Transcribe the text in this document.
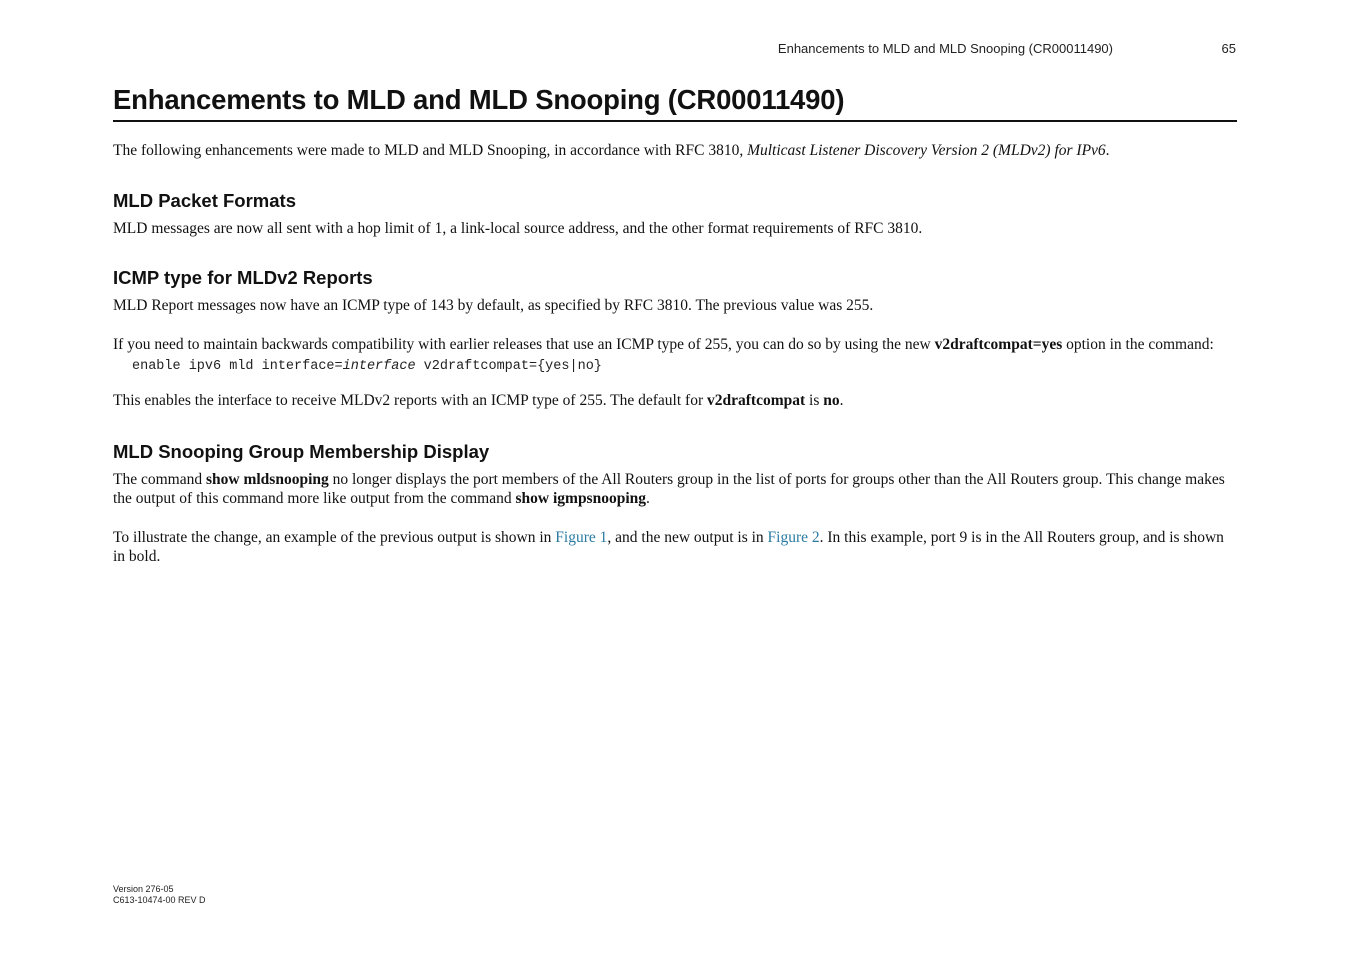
Enhancements to MLD and MLD Snooping (CR00011490)	65
Enhancements to MLD and MLD Snooping (CR00011490)

The following enhancements were made to MLD and MLD Snooping, in accordance with RFC 3810, Multicast Listener Discovery Version 2 (MLDv2) for IPv6.

MLD Packet Formats

MLD messages are now all sent with a hop limit of 1, a link-local source address, and the other format requirements of RFC 3810.

ICMP type for MLDv2 Reports

MLD Report messages now have an ICMP type of 143 by default, as specified by RFC 3810. The previous value was 255.

If you need to maintain backwards compatibility with earlier releases that use an ICMP type of 255, you can do so by using the new v2draftcompat=yes option in the command:

enable ipv6 mld interface=interface v2draftcompat={yes|no}

This enables the interface to receive MLDv2 reports with an ICMP type of 255. The default for v2draftcompat is no.

MLD Snooping Group Membership Display

The command show mldsnooping no longer displays the port members of the All Routers group in the list of ports for groups other than the All Routers group. This change makes the output of this command more like output from the command show igmpsnooping.

To illustrate the change, an example of the previous output is shown in Figure 1, and the new output is in Figure 2. In this example, port 9 is in the All Routers group, and is shown in bold.

Version 276-05
C613-10474-00 REV D
